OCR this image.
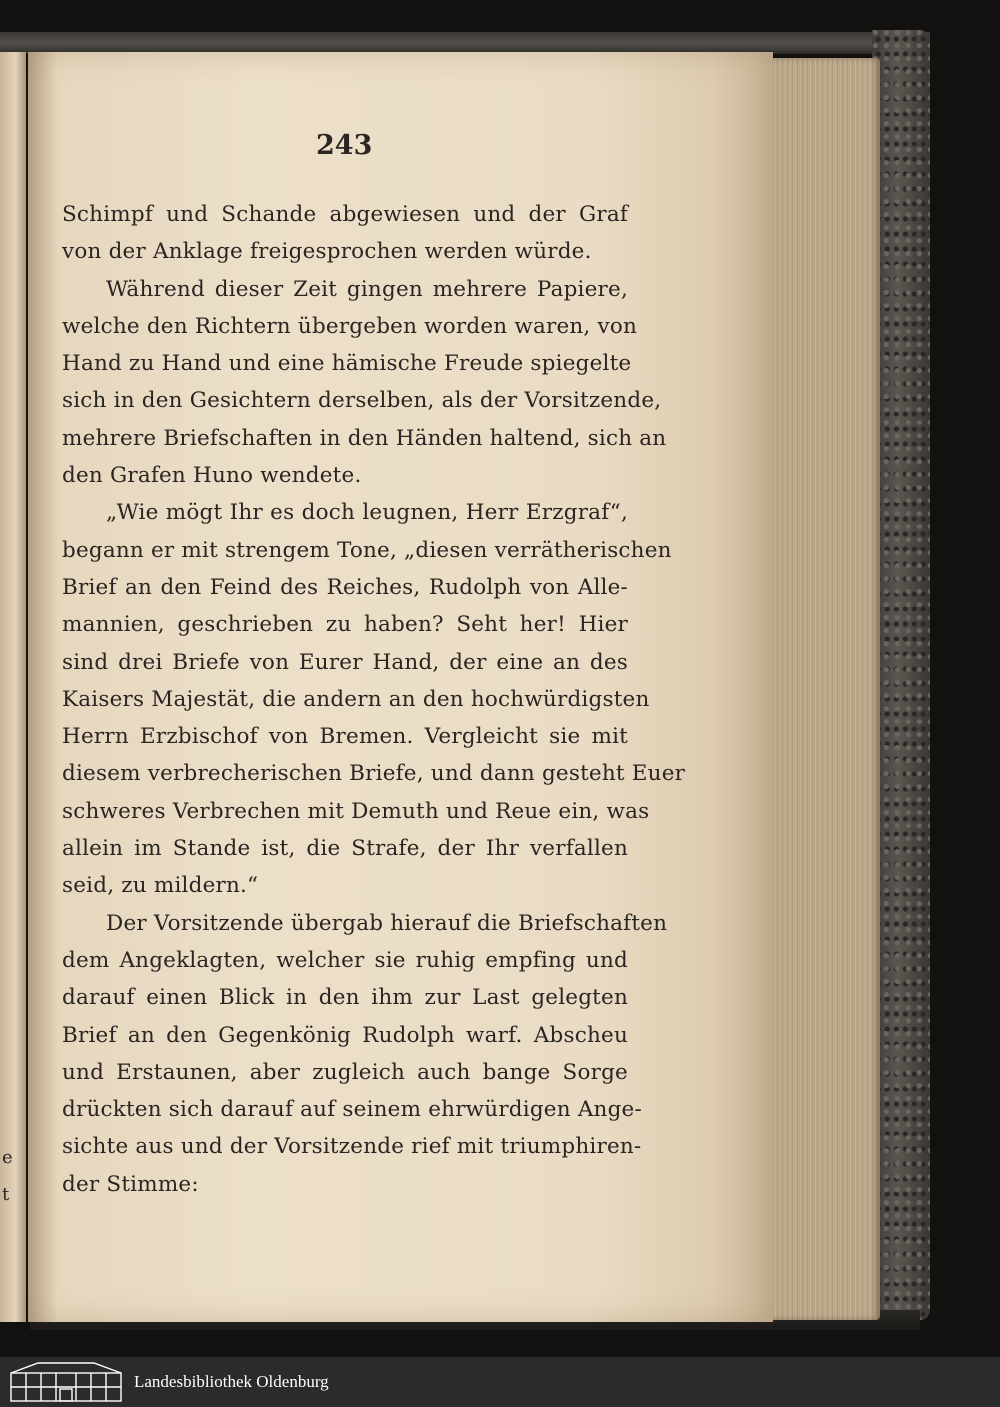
e
t
243
Schimpf und Schande abgewiesen und der Graf
von der Anklage freigesprochen werden würde.
Während dieser Zeit gingen mehrere Papiere,
welche den Richtern übergeben worden waren, von
Hand zu Hand und eine hämische Freude spiegelte
sich in den Gesichtern derselben, als der Vorsitzende,
mehrere Briefschaften in den Händen haltend, sich an
den Grafen Huno wendete.
„Wie mögt Ihr es doch leugnen, Herr Erzgraf“,
begann er mit strengem Tone, „diesen verrätherischen
Brief an den Feind des Reiches, Rudolph von Alle-
mannien, geschrieben zu haben? Seht her! Hier
sind drei Briefe von Eurer Hand, der eine an des
Kaisers Majestät, die andern an den hochwürdigsten
Herrn Erzbischof von Bremen. Vergleicht sie mit
diesem verbrecherischen Briefe, und dann gesteht Euer
schweres Verbrechen mit Demuth und Reue ein, was
allein im Stande ist, die Strafe, der Ihr verfallen
seid, zu mildern.“
Der Vorsitzende übergab hierauf die Briefschaften
dem Angeklagten, welcher sie ruhig empfing und
darauf einen Blick in den ihm zur Last gelegten
Brief an den Gegenkönig Rudolph warf. Abscheu
und Erstaunen, aber zugleich auch bange Sorge
drückten sich darauf auf seinem ehrwürdigen Ange-
sichte aus und der Vorsitzende rief mit triumphiren-
der Stimme:
Landesbibliothek Oldenburg
